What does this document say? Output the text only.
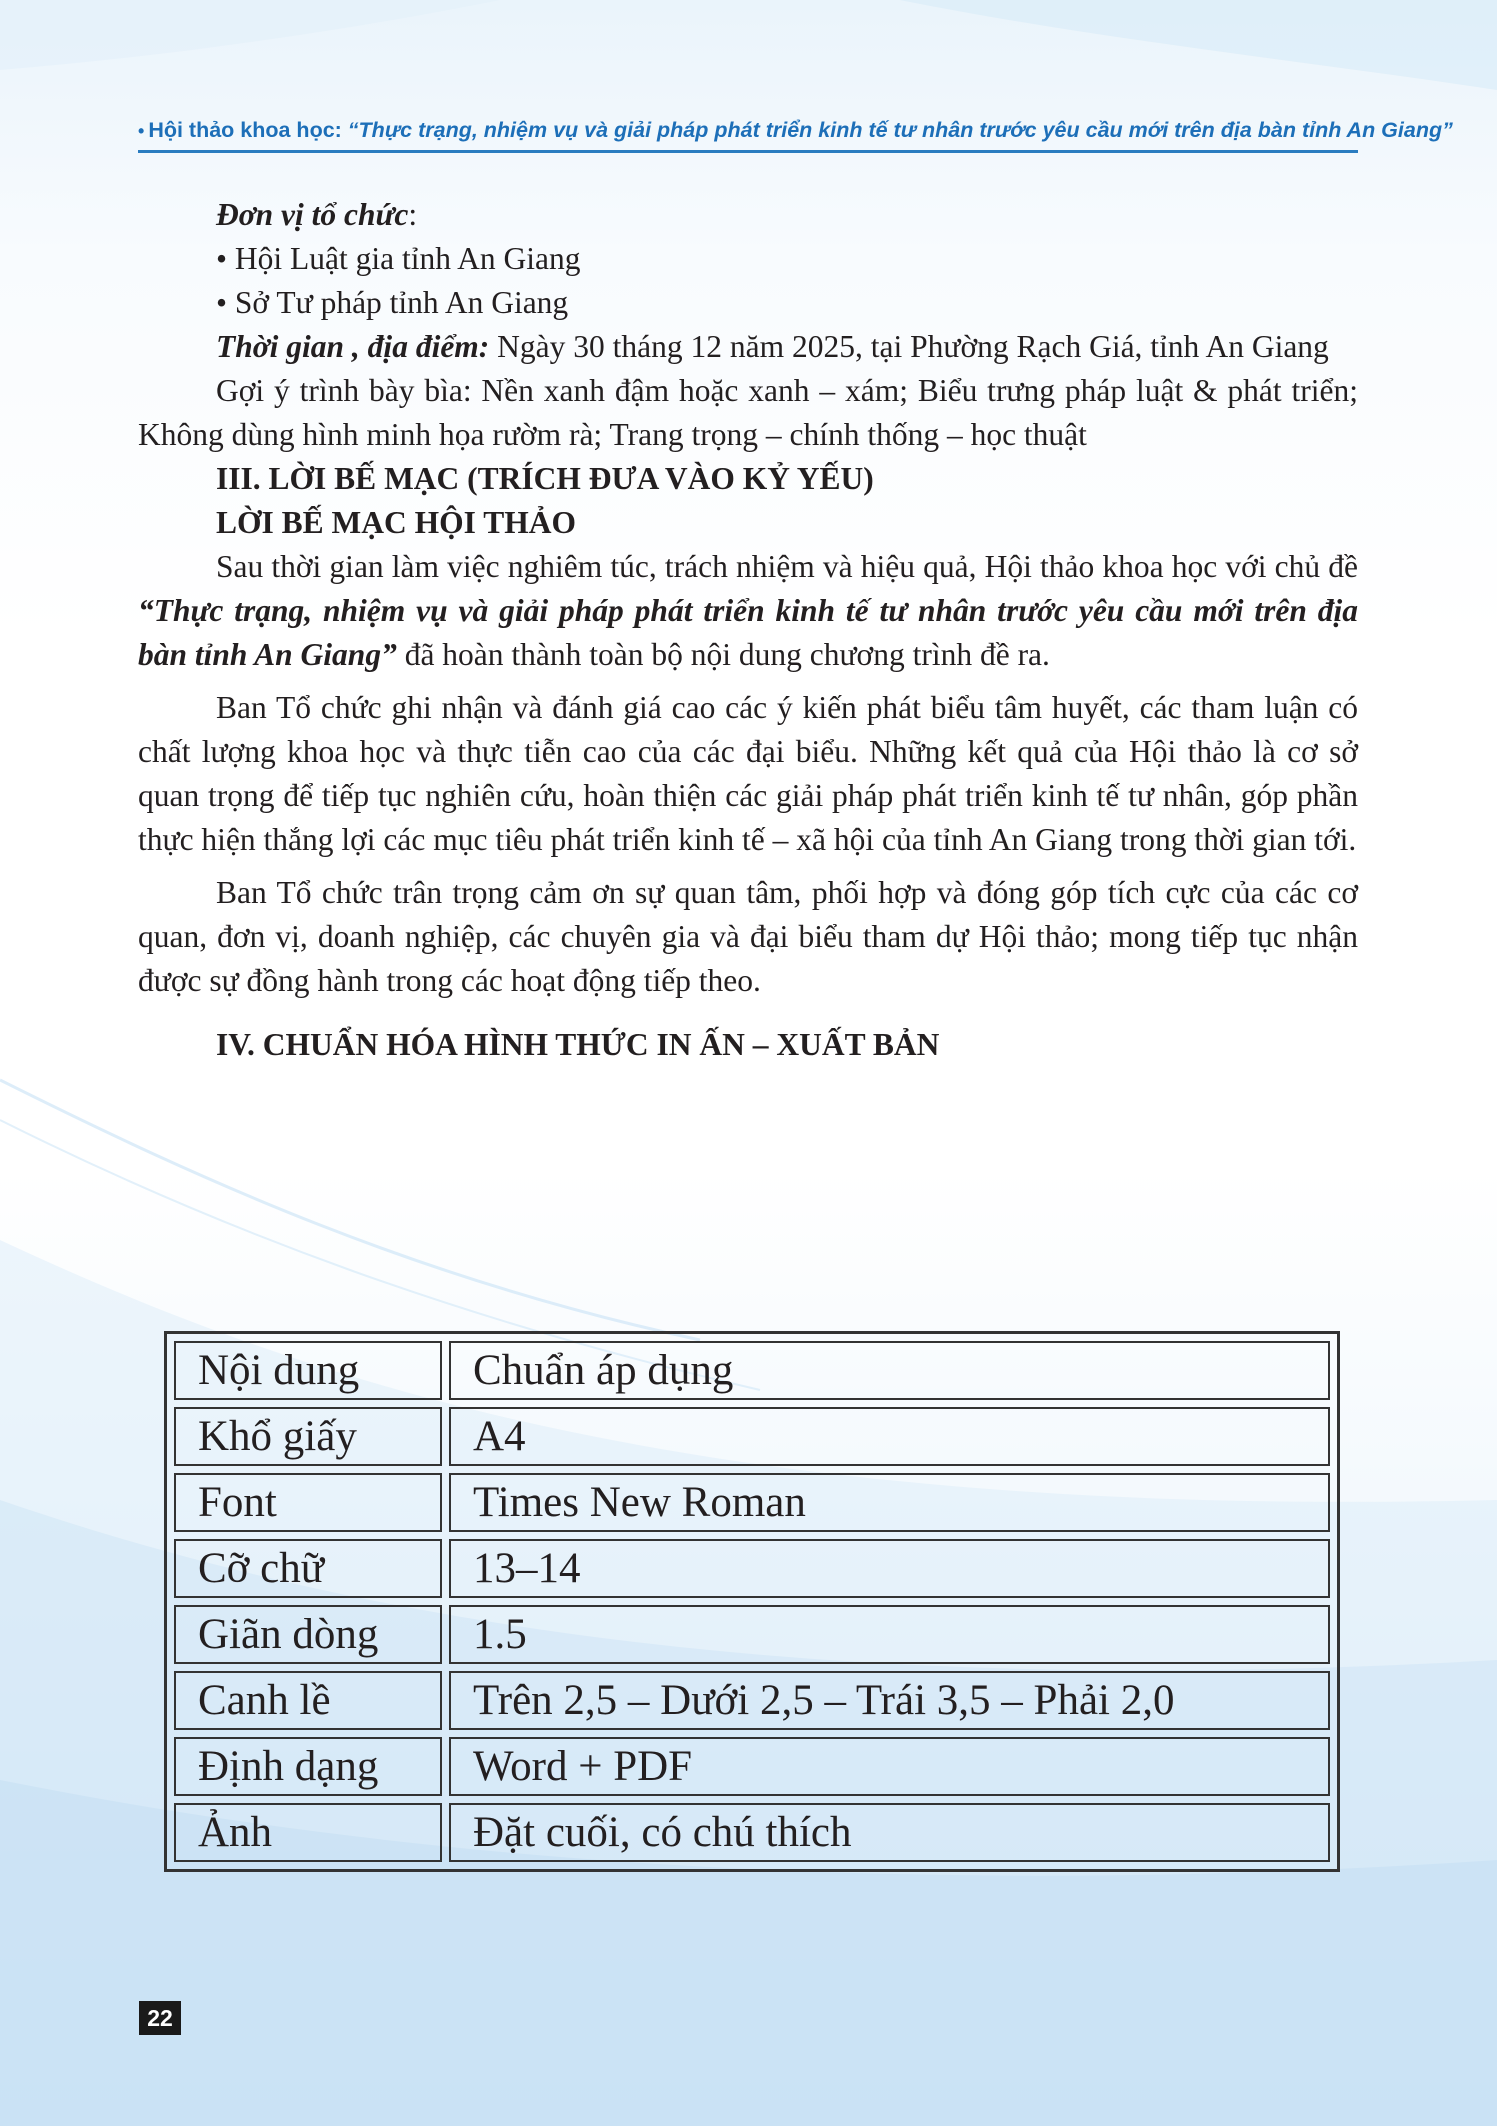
• Hội thảo khoa học: “Thực trạng, nhiệm vụ và giải pháp phát triển kinh tế tư nhân trước yêu cầu mới trên địa bàn tỉnh An Giang”

Đơn vị tổ chức:

• Hội Luật gia tỉnh An Giang

• Sở Tư pháp tỉnh An Giang

Thời gian , địa điểm: Ngày 30 tháng 12 năm 2025, tại Phường Rạch Giá, tỉnh An Giang

Gợi ý trình bày bìa: Nền xanh đậm hoặc xanh – xám; Biểu trưng pháp luật & phát triển; Không dùng hình minh họa rườm rà; Trang trọng – chính thống – học thuật

III. LỜI BẾ MẠC (TRÍCH ĐƯA VÀO KỶ YẾU)

LỜI BẾ MẠC HỘI THẢO

Sau thời gian làm việc nghiêm túc, trách nhiệm và hiệu quả, Hội thảo khoa học với chủ đề “Thực trạng, nhiệm vụ và giải pháp phát triển kinh tế tư nhân trước yêu cầu mới trên địa bàn tỉnh An Giang” đã hoàn thành toàn bộ nội dung chương trình đề ra.

Ban Tổ chức ghi nhận và đánh giá cao các ý kiến phát biểu tâm huyết, các tham luận có chất lượng khoa học và thực tiễn cao của các đại biểu. Những kết quả của Hội thảo là cơ sở quan trọng để tiếp tục nghiên cứu, hoàn thiện các giải pháp phát triển kinh tế tư nhân, góp phần thực hiện thắng lợi các mục tiêu phát triển kinh tế – xã hội của tỉnh An Giang trong thời gian tới.

Ban Tổ chức trân trọng cảm ơn sự quan tâm, phối hợp và đóng góp tích cực của các cơ quan, đơn vị, doanh nghiệp, các chuyên gia và đại biểu tham dự Hội thảo; mong tiếp tục nhận được sự đồng hành trong các hoạt động tiếp theo.

IV. CHUẨN HÓA HÌNH THỨC IN ẤN – XUẤT BẢN

Nội dung	Chuẩn áp dụng
Khổ giấy	A4
Font	Times New Roman
Cỡ chữ	13–14
Giãn dòng	1.5
Canh lề	Trên 2,5 – Dưới 2,5 – Trái 3,5 – Phải 2,0
Định dạng	Word + PDF
Ảnh	Đặt cuối, có chú thích
22
